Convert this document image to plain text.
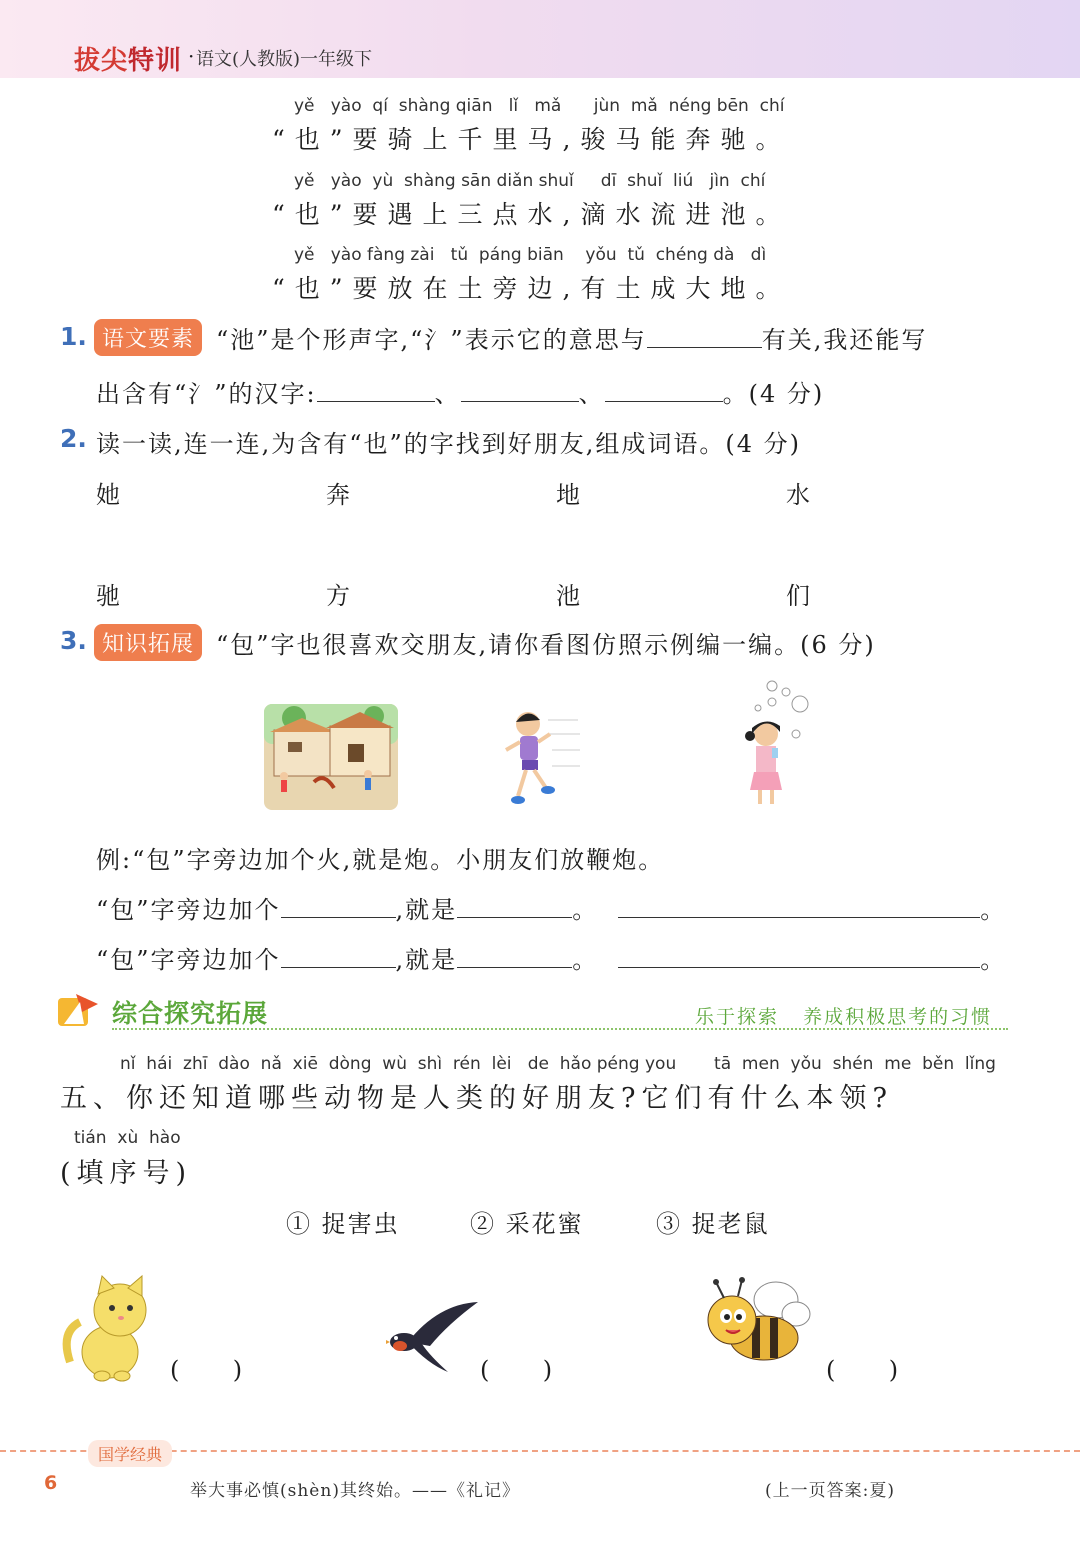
拔尖特训 · 语文(人教版)一年级下
yě   yào  qí  shàng qiān   lǐ   mǎ      jùn  mǎ  néng bēn  chí
“也”要骑上千里马,骏马能奔驰。
yě   yào  yù  shàng sān diǎn shuǐ     dī  shuǐ  liú   jìn  chí
“也”要遇上三点水,滴水流进池。
yě   yào fàng zài   tǔ  páng biān    yǒu  tǔ  chéng dà   dì
“也”要放在土旁边,有土成大地。
1. 语文要素 “池”是个形声字,“氵”表示它的意思与	有关,我还能写
出含有“氵”的汉字:	、	、	。(4 分)
2. 读一读,连一连,为含有“也”的字找到好朋友,组成词语。(4 分)
她	奔	地	水
驰	方	池	们
3. 知识拓展 “包”字也很喜欢交朋友,请你看图仿照示例编一编。(6 分)
例:“包”字旁边加个火,就是炮。小朋友们放鞭炮。
“包”字旁边加个	,就是	。	。
“包”字旁边加个	,就是	。	。
综合探究拓展	乐于探索   养成积极思考的习惯
nǐ  hái  zhī  dào  nǎ  xiē  dòng  wù  shì  rén  lèi   de  hǎo péng you       tā  men  yǒu  shén  me  běn  lǐng
五、你还知道哪些动物是人类的好朋友?它们有什么本领?
tián  xù  hào
(填序号)
① 捉害虫	② 采花蜜	③ 捉老鼠
(       )	(       )	(       )
国学经典
6	举大事必慎(shèn)其终始。——《礼记》	(上一页答案:夏)
